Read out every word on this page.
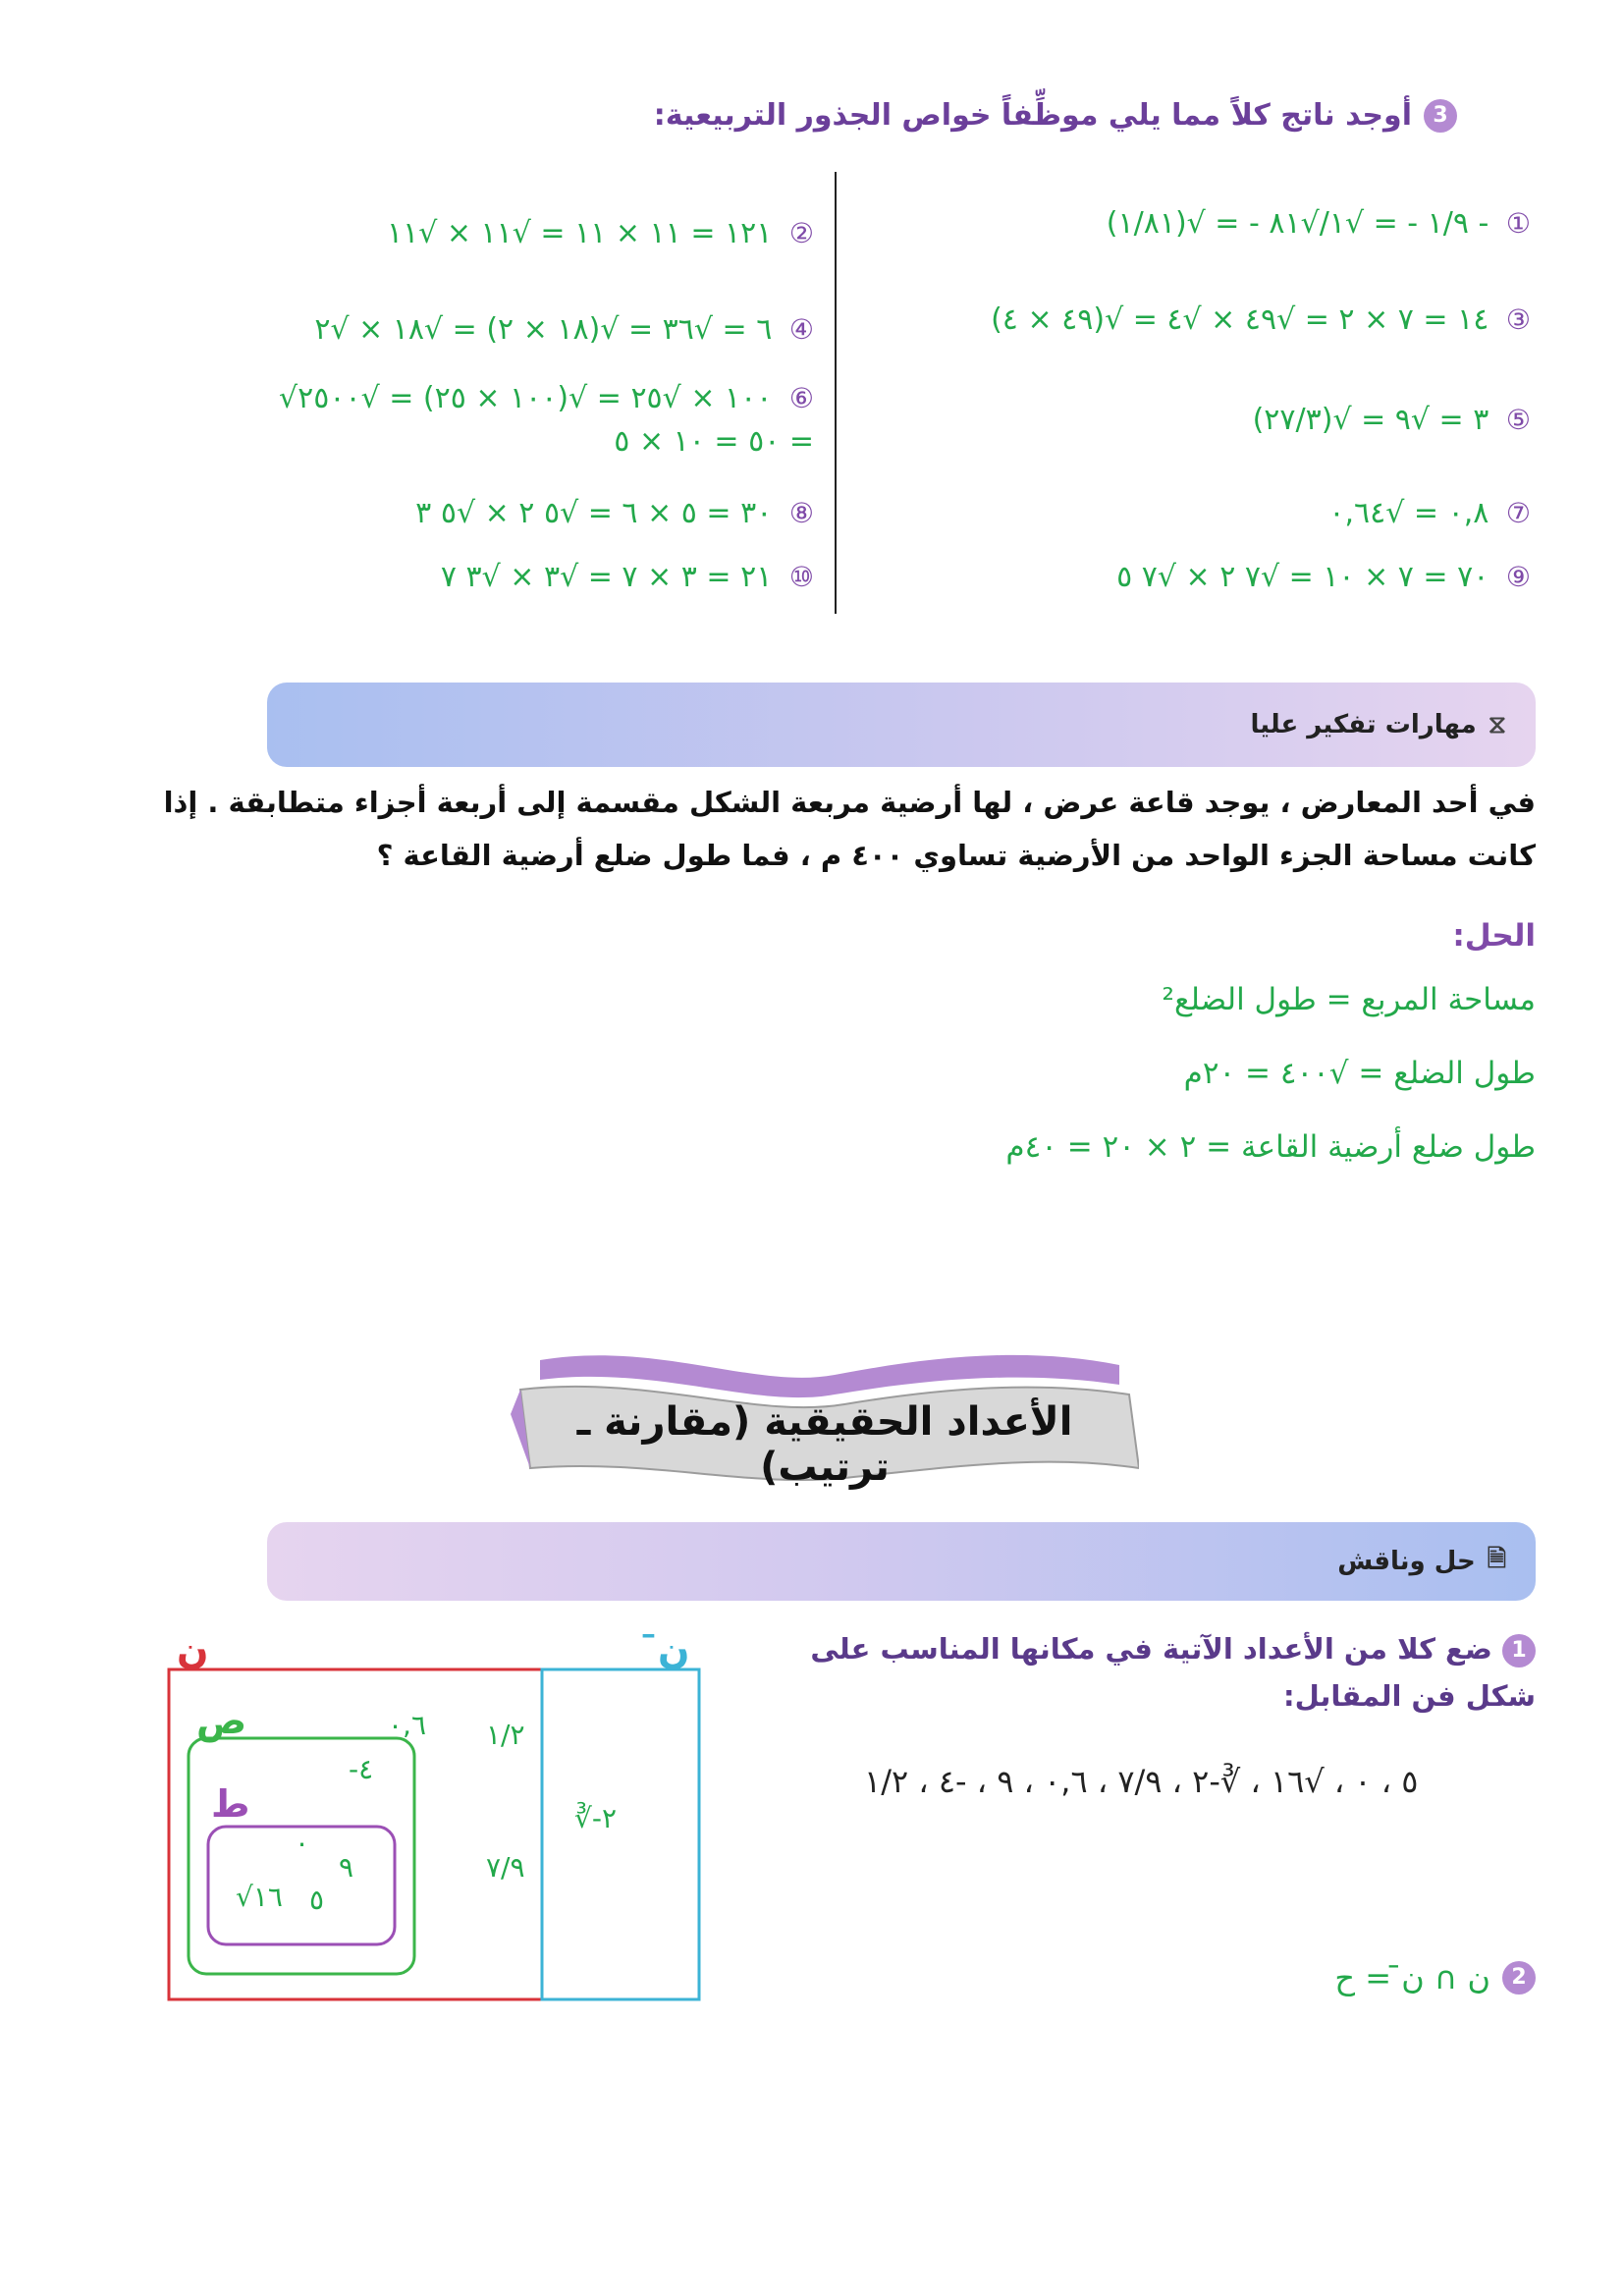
3
أوجد ناتج كلاً مما يلي موظِّفاً خواص الجذور التربيعية:
١/٩ - = √١/√٨١ - = √(١/٨١) - ①
١٤ = ٧ × ٢ = √٤٩ × √٤ = √(٤٩ × ٤) ③
٣ = √٩ = √(٢٧/٣) ⑤
٠,٨ = √٠,٦٤ ⑦
٧٠ = ٧ × ١٠ = √٧ ٢ × √٧ ٥ ⑨
١٢١ = ١١ × ١١ = √١١ × √١١ ②
٦ = √٣٦ = √(١٨ × ٢) = √١٨ × √٢ ④
√١٠٠ × √٢٥ = √(١٠٠ × ٢٥) = √٢٥٠٠ ⑥
٥٠ = ١٠ × ٥ =
٣٠ = ٥ × ٦ = √٥ ٢ × √٥ ٣ ⑧
٢١ = ٣ × ٧ = √٣ × √٣ ٧ ⑩
⧖
مهارات تفكير عليا
في أحد المعارض ، يوجد قاعة عرض ، لها أرضية مربعة الشكل مقسمة إلى أربعة أجزاء متطابقة . إذا كانت مساحة الجزء الواحد من الأرضية تساوي ٤٠٠ م ، فما طول ضلع أرضية القاعة ؟
الحل:
مساحة المربع = طول الضلع²
طول الضلع = √٤٠٠ = ٢٠م
طول ضلع أرضية القاعة = ٢ × ٢٠ = ٤٠م
الأعداد الحقيقية (مقارنة ـ ترتيب)
🗎
حل وناقش
1 ضع كلا من الأعداد الآتية في مكانها المناسب على شكل فن المقابل:
٥ ، ٠ ، √١٦ ، ∛-٢ ، ٧/٩ ، ٠,٦ ، ٩ ، -٤ ، ١/٢
ن	ن̄
ص
ط
٠,٦ ١/٢
٧/٩
-٤
٠
٩
√١٦ ٥
∛-٢
2
ن ∩ ن̄ = ح
